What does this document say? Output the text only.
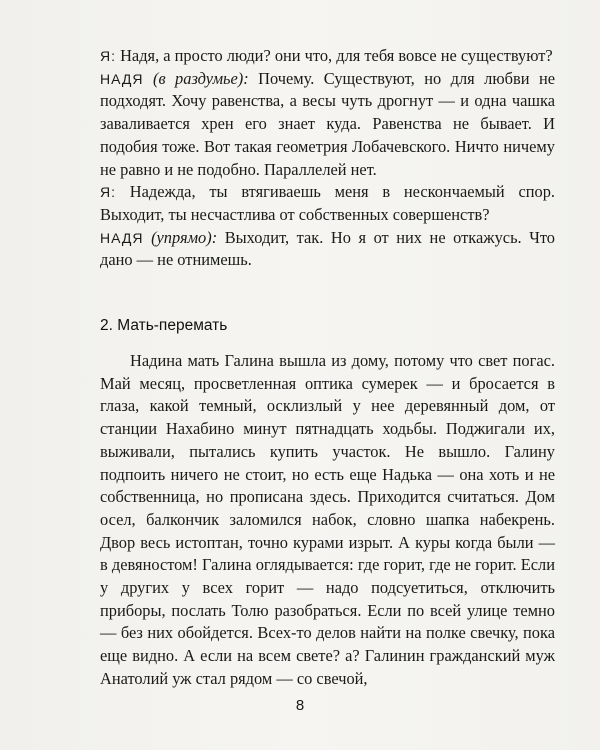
Я: Надя, а просто люди? они что, для тебя вовсе не существуют?

НАДЯ (в раздумье): Почему. Существуют, но для любви не подходят. Хочу равенства, а весы чуть дрогнут — и одна чашка заваливается хрен его знает куда. Равенства не бывает. И подобия тоже. Вот такая геометрия Лобачевского. Ничто ничему не равно и не подобно. Параллелей нет.

Я: Надежда, ты втягиваешь меня в нескончаемый спор. Выходит, ты несчастлива от собственных совершенств?

НАДЯ (упрямо): Выходит, так. Но я от них не откажусь. Что дано — не отнимешь.

2. Мать-перемать

Надина мать Галина вышла из дому, потому что свет погас. Май месяц, просветленная оптика сумерек — и бросается в глаза, какой темный, осклизлый у нее деревянный дом, от станции Нахабино минут пятнадцать ходьбы. Поджигали их, выживали, пытались купить участок. Не вышло. Галину подпоить ничего не стоит, но есть еще Надька — она хоть и не собственница, но прописана здесь. Приходится считаться. Дом осел, балкончик заломился набок, словно шапка набекрень. Двор весь истоптан, точно курами изрыт. А куры когда были — в девяностом! Галина оглядывается: где горит, где не горит. Если у других у всех горит — надо подсуетиться, отключить приборы, послать Толю разобраться. Если по всей улице темно — без них обойдется. Всех-то делов найти на полке свечку, пока еще видно. А если на всем свете? а? Галинин гражданский муж Анатолий уж стал рядом — со свечой,

8
